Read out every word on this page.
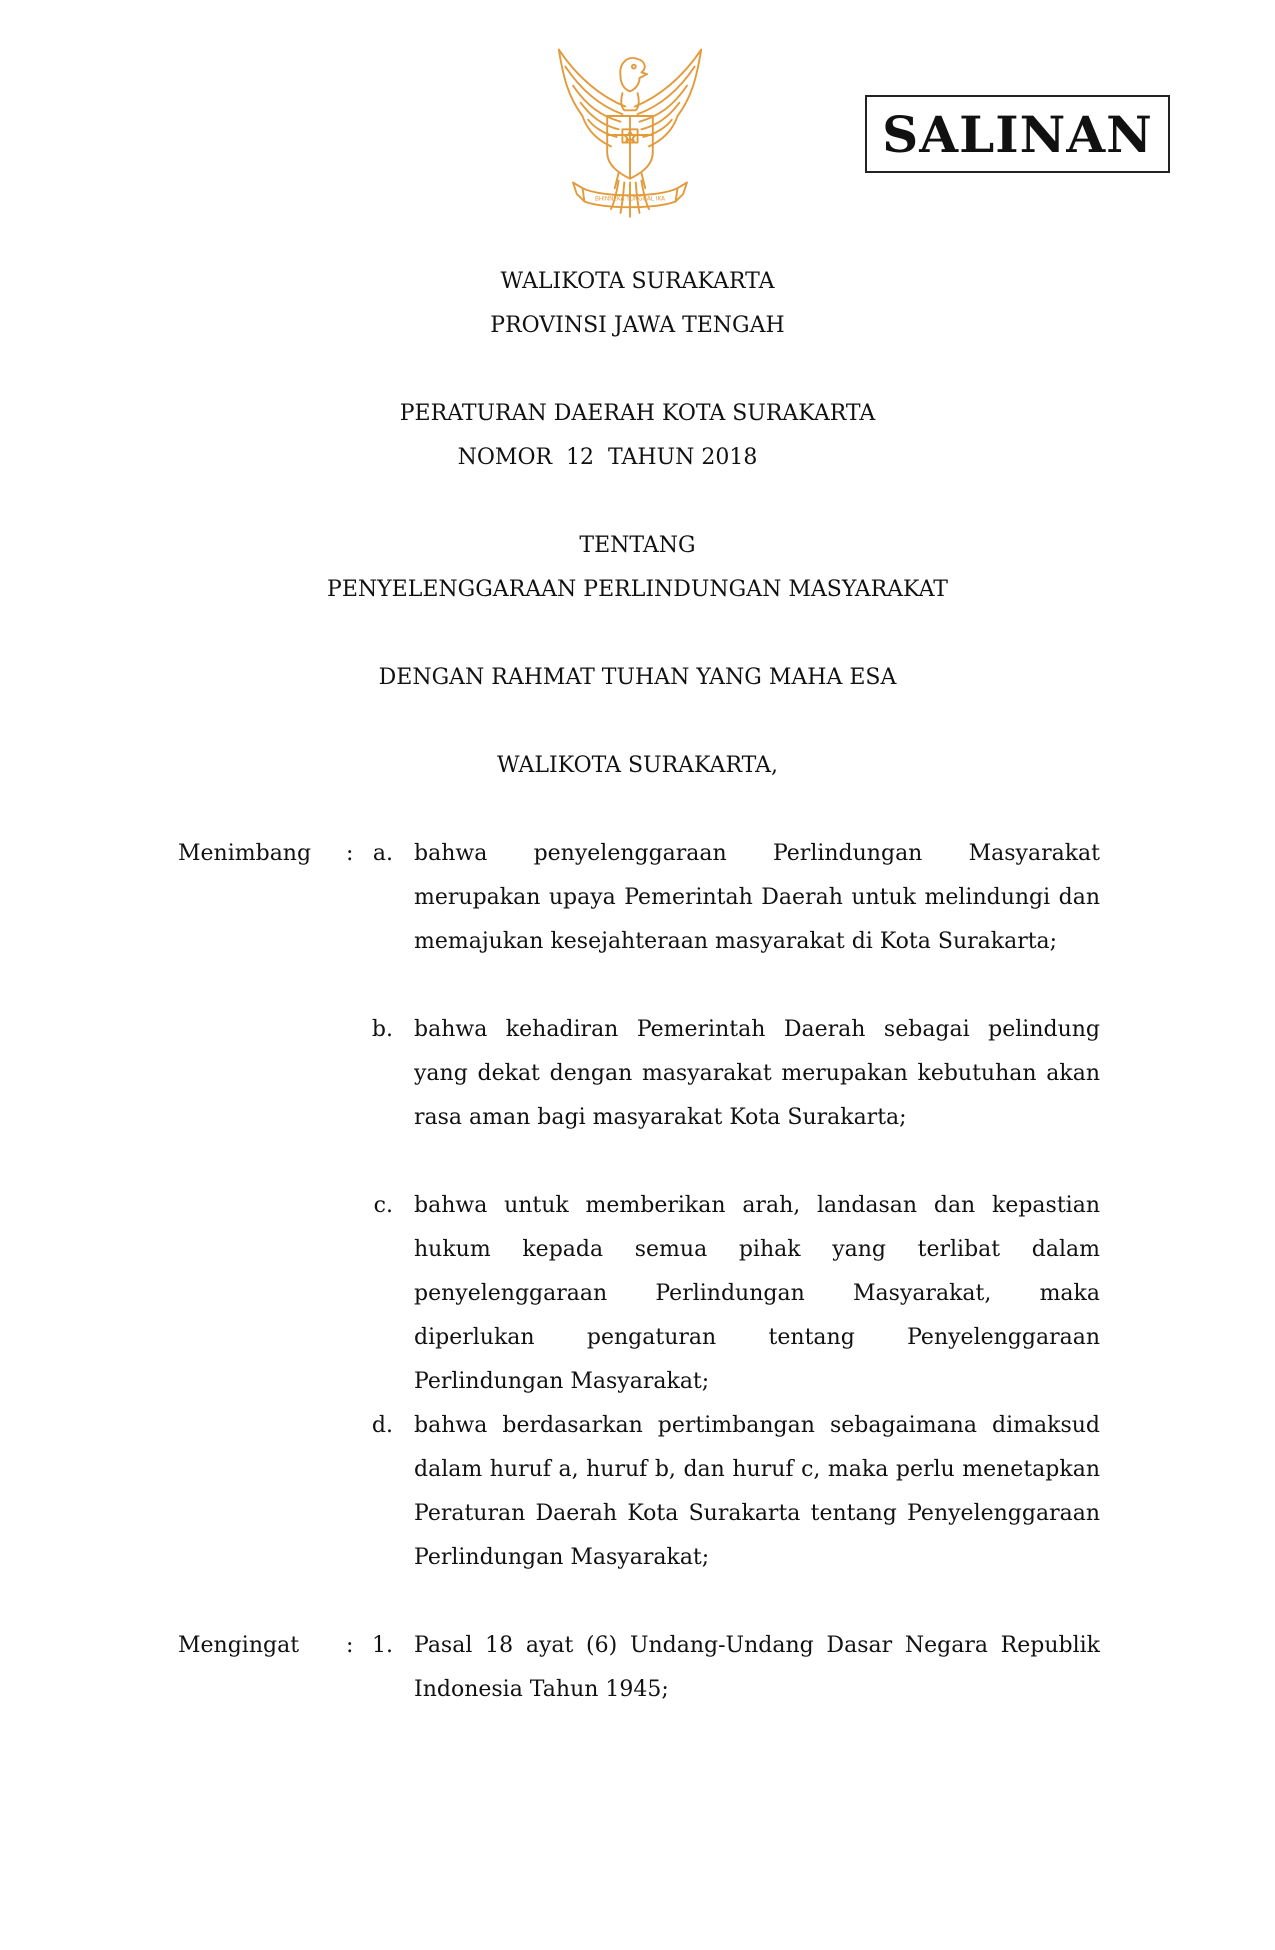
BHINNEKA TUNGGAL IKA
SALINAN
WALIKOTA SURAKARTA
PROVINSI JAWA TENGAH
PERATURAN DAERAH KOTA SURAKARTA
NOMOR  12  TAHUN 2018
TENTANG
PENYELENGGARAAN PERLINDUNGAN MASYARAKAT
DENGAN RAHMAT TUHAN YANG MAHA ESA
WALIKOTA SURAKARTA,
Menimbang : a. bahwa penyelenggaraan Perlindungan Masyarakat merupakan upaya Pemerintah Daerah untuk melindungi dan memajukan kesejahteraan masyarakat di Kota Surakarta;
b. bahwa kehadiran Pemerintah Daerah sebagai pelindung yang dekat dengan masyarakat merupakan kebutuhan akan rasa aman bagi masyarakat Kota Surakarta;
c. bahwa untuk memberikan arah, landasan dan kepastian hukum kepada semua pihak yang terlibat dalam penyelenggaraan Perlindungan Masyarakat, maka diperlukan pengaturan tentang Penyelenggaraan Perlindungan Masyarakat;
d. bahwa berdasarkan pertimbangan sebagaimana dimaksud dalam huruf a, huruf b, dan huruf c, maka perlu menetapkan Peraturan Daerah Kota Surakarta tentang Penyelenggaraan Perlindungan Masyarakat;
Mengingat : 1. Pasal 18 ayat (6) Undang-Undang Dasar Negara Republik Indonesia Tahun 1945;
